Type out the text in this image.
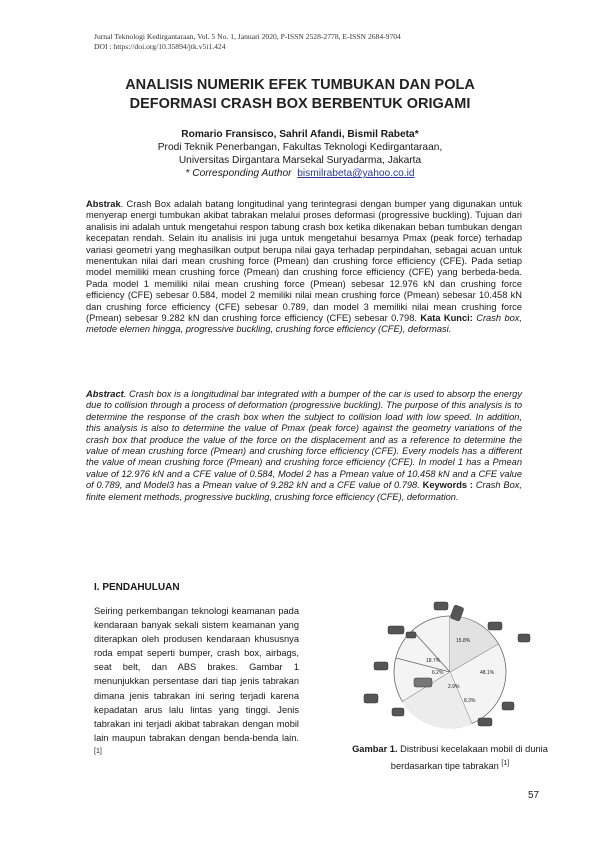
Jurnal Teknologi Kedirgantaraan, Vol. 5 No. 1, Januari 2020, P-ISSN 2528-2778, E-ISSN 2684-9704
DOI : https://doi.org/10.35894/jtk.v5i1.424
ANALISIS NUMERIK EFEK TUMBUKAN DAN POLA
DEFORMASI CRASH BOX BERBENTUK ORIGAMI
Romario Fransisco, Sahril Afandi, Bismil Rabeta*
Prodi Teknik Penerbangan, Fakultas Teknologi Kedirgantaraan,
Universitas Dirgantara Marsekal Suryadarma, Jakarta
* Corresponding Author bismilrabeta@yahoo.co.id
Abstrak. Crash Box adalah batang longitudinal yang terintegrasi dengan bumper yang digunakan untuk menyerap energi tumbukan akibat tabrakan melalui proses deformasi (progressive buckling). Tujuan dari analisis ini adalah untuk mengetahui respon tabung crash box ketika dikenakan beban tumbukan dengan kecepatan rendah. Selain itu analisis ini juga untuk mengetahui besarnya Pmax (peak force) terhadap variasi geometri yang meghasilkan output berupa nilai gaya terhadap perpindahan, sebagai acuan untuk menentukan nilai dari mean crushing force (Pmean) dan crushing force efficiency (CFE). Pada setiap model memiliki mean crushing force (Pmean) dan crushing force efficiency (CFE) yang berbeda-beda. Pada model 1 memiliki nilai mean crushing force (Pmean) sebesar 12.976 kN dan crushing force efficiency (CFE) sebesar 0.584, model 2 memiliki nilai mean crushing force (Pmean) sebesar 10.458 kN dan crushing force efficiency (CFE) sebesar 0.789, dan model 3 memiliki nilai mean crushing force (Pmean) sebesar 9.282 kN dan crushing force efficiency (CFE) sebesar 0.798. Kata Kunci: Crash box, metode elemen hingga, progressive buckling, crushing force efficiency (CFE), deformasi.
Abstract. Crash box is a longitudinal bar integrated with a bumper of the car is used to absorp the energy due to collision through a process of deformation (progressive buckling). The purpose of this analysis is to determine the response of the crash box when the subject to collision load with low speed. In addition, this analysis is also to determine the value of Pmax (peak force) against the geometry variations of the crash box that produce the value of the force on the displacement and as a reference to determine the value of mean crushing force (Pmean) and crushing force efficiency (CFE). Every models has a different the value of mean crushing force (Pmean) and crushing force efficiency (CFE). In model 1 has a Pmean value of 12.976 kN and a CFE value of 0.584, Model 2 has a Pmean value of 10.458 kN and a CFE value of 0.789, and Model3 has a Pmean value of 9.282 kN and a CFE value of 0.798. Keywords : Crash Box, finite element methods, progressive buckling, crushing force efficiency (CFE), deformation.
I. PENDAHULUAN
Seiring perkembangan teknologi keamanan pada kendaraan banyak sekali sistem keamanan yang diterapkan oleh produsen kendaraan khususnya roda empat seperti bumper, crash box, airbags, seat belt, dan ABS brakes. Gambar 1 menunjukkan persentase dari tiap jenis tabrakan dimana jenis tabrakan ini sering terjadi karena kepadatan arus lalu lintas yang tinggi. Jenis tabrakan ini terjadi akibat tabrakan dengan mobil lain maupun tabrakan dengan benda-benda lain.[1]
15.8%
18.7%
6.2%
2.9%
48.1%
8.3%
Gambar 1. Distribusi kecelakaan mobil di dunia berdasarkan tipe tabrakan [1]
57
